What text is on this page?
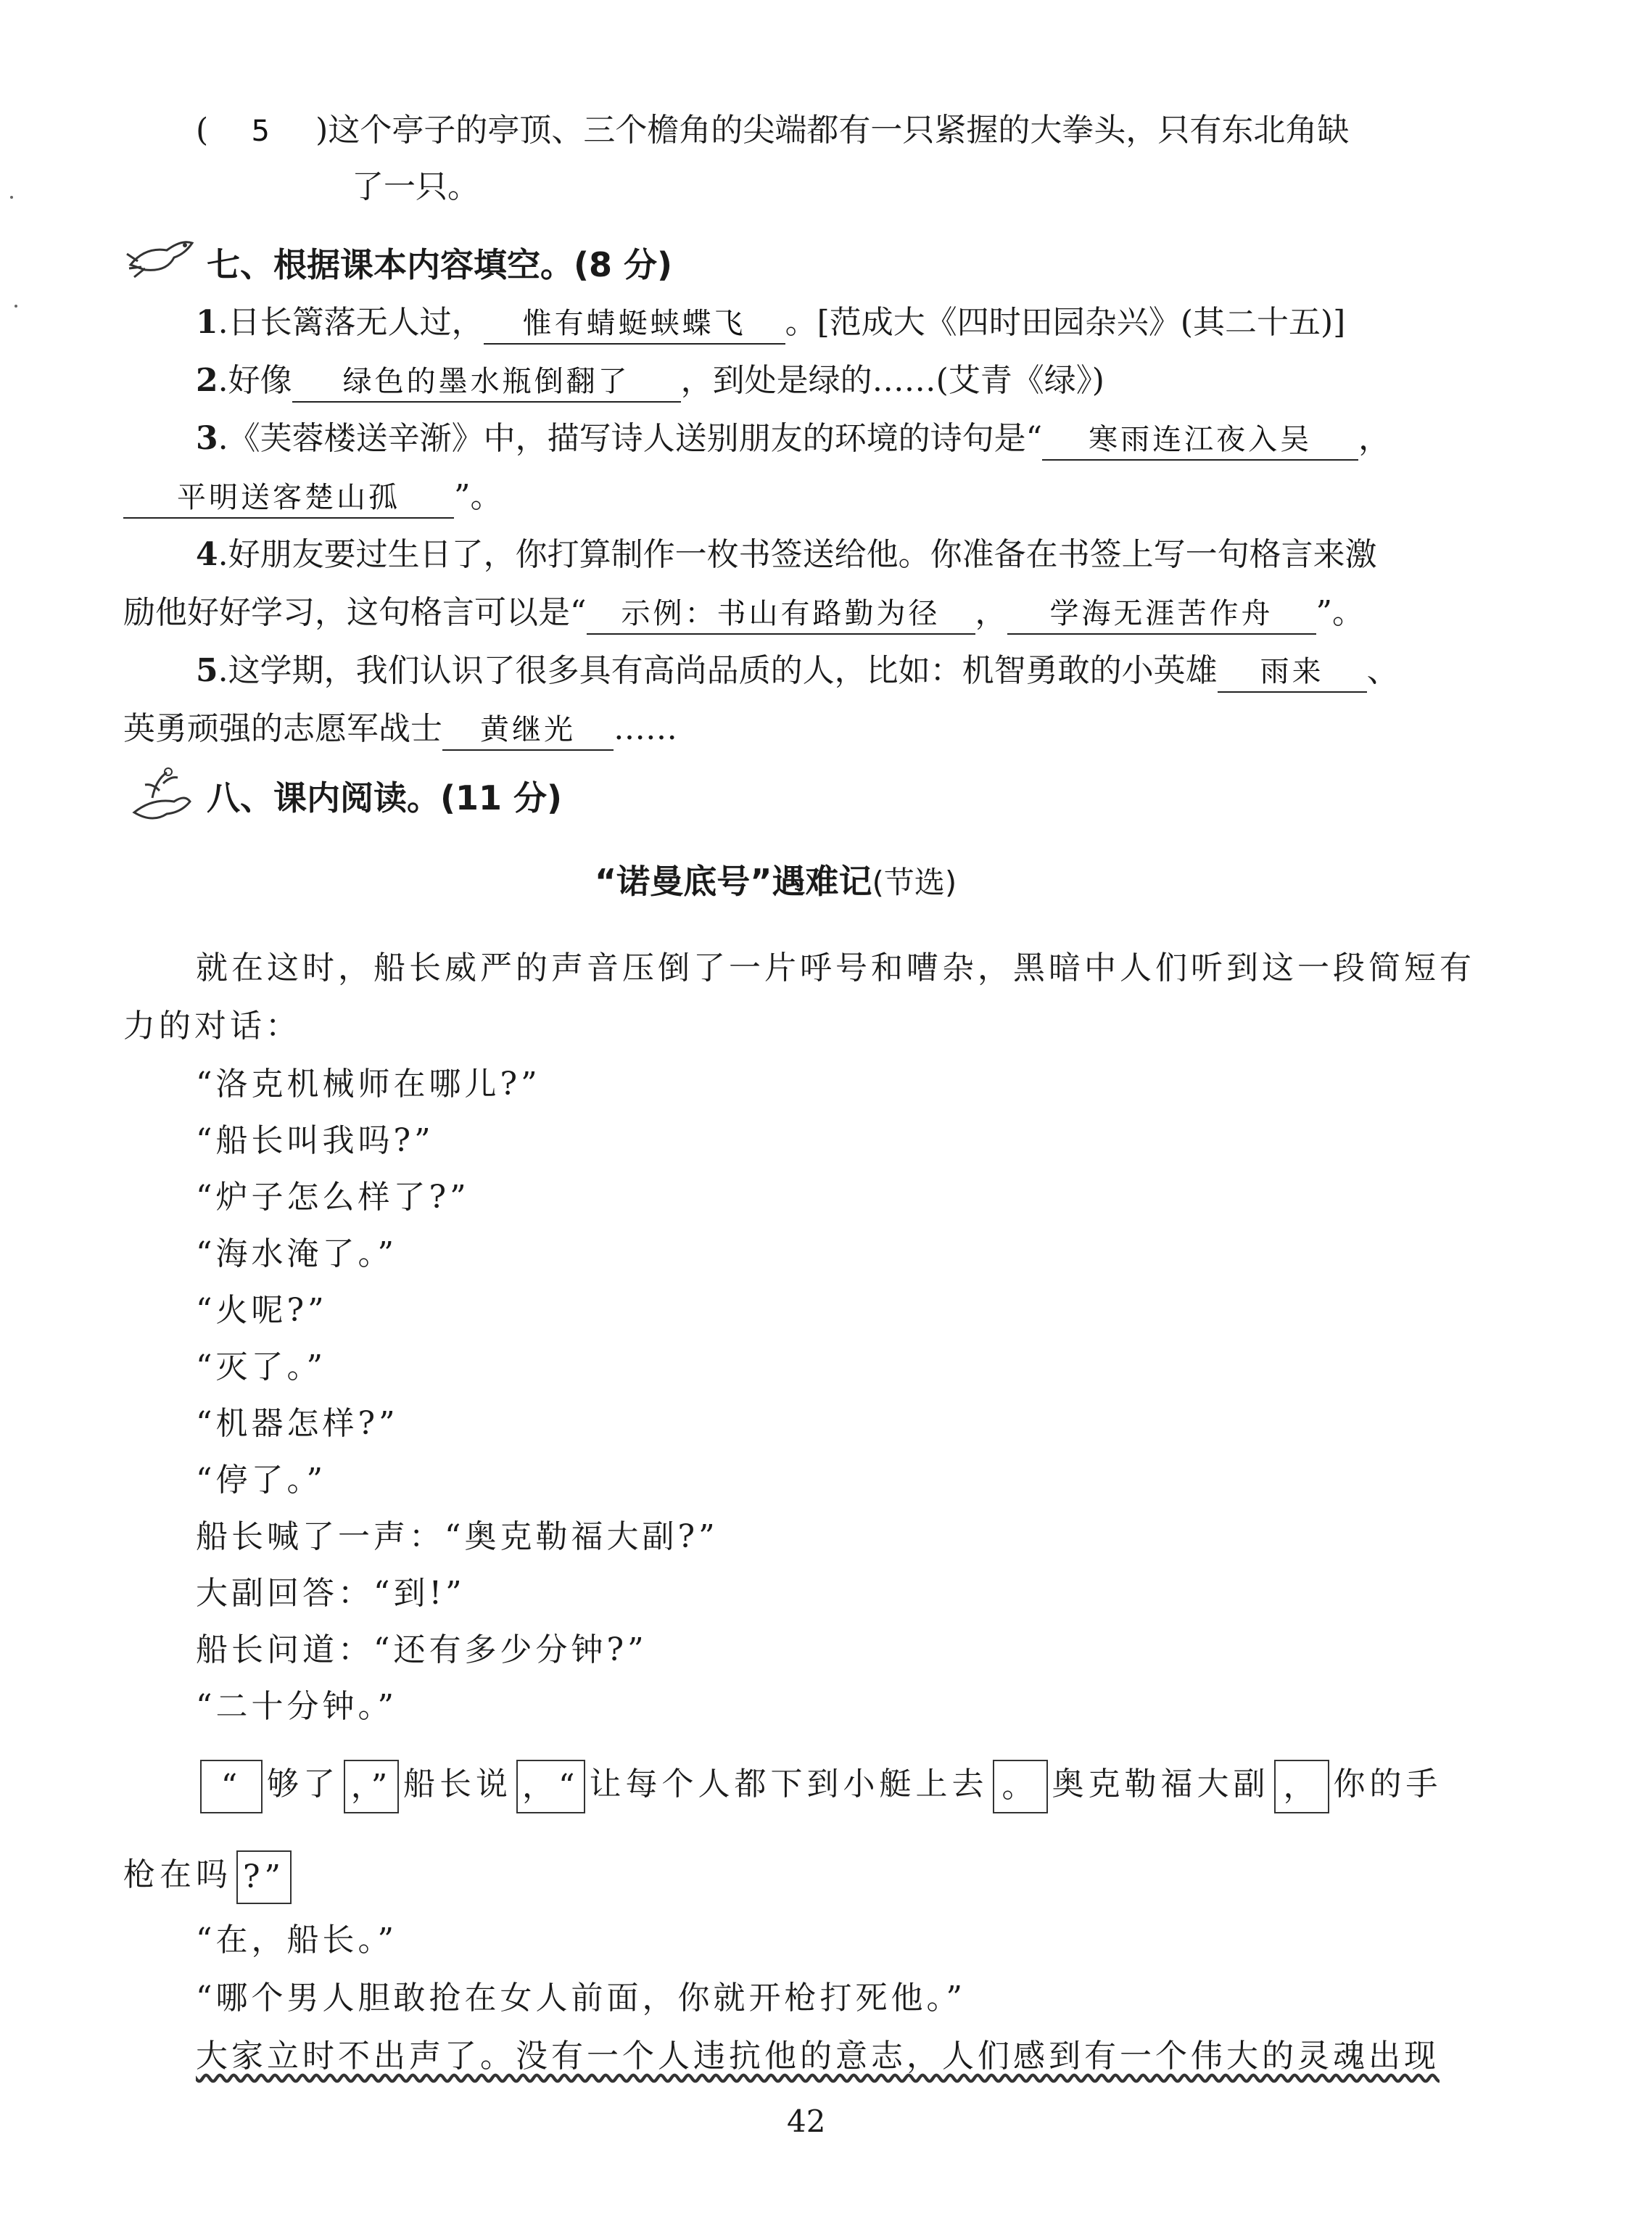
( 5 )这个亭子的亭顶、三个檐角的尖端都有一只紧握的大拳头，只有东北角缺
了一只。
七、根据课本内容填空。(8 分)
1.日长篱落无人过， 惟有蜻蜓蛱蝶飞 。[范成大《四时田园杂兴》(其二十五)]
2.好像 绿色的墨水瓶倒翻了 ，到处是绿的……(艾青《绿》)
3.《芙蓉楼送辛渐》中，描写诗人送别朋友的环境的诗句是“ 寒雨连江夜入吴 ，
平明送客楚山孤 ”。
4.好朋友要过生日了，你打算制作一枚书签送给他。你准备在书签上写一句格言来激
励他好好学习，这句格言可以是“ 示例：书山有路勤为径 ， 学海无涯苦作舟 ”。
5.这学期，我们认识了很多具有高尚品质的人，比如：机智勇敢的小英雄 雨来 、
英勇顽强的志愿军战士 黄继光 ……
八、课内阅读。(11 分)
“诺曼底号”遇难记(节选)
就在这时，船长威严的声音压倒了一片呼号和嘈杂，黑暗中人们听到这一段简短有
力的对话：
“洛克机械师在哪儿?”
“船长叫我吗?”
“炉子怎么样了?”
“海水淹了。”
“火呢?”
“灭了。”
“机器怎样?”
“停了。”
船长喊了一声：“奥克勒福大副?”
大副回答：“到!”
船长问道：“还有多少分钟?”
“二十分钟。”
“ 够了 ，” 船长说 ，“ 让每个人都下到小艇上去 。 奥克勒福大副 ， 你的手
枪在吗 ?”
“在，船长。”
“哪个男人胆敢抢在女人前面，你就开枪打死他。”
大家立时不出声了。没有一个人违抗他的意志，人们感到有一个伟大的灵魂出现
42
